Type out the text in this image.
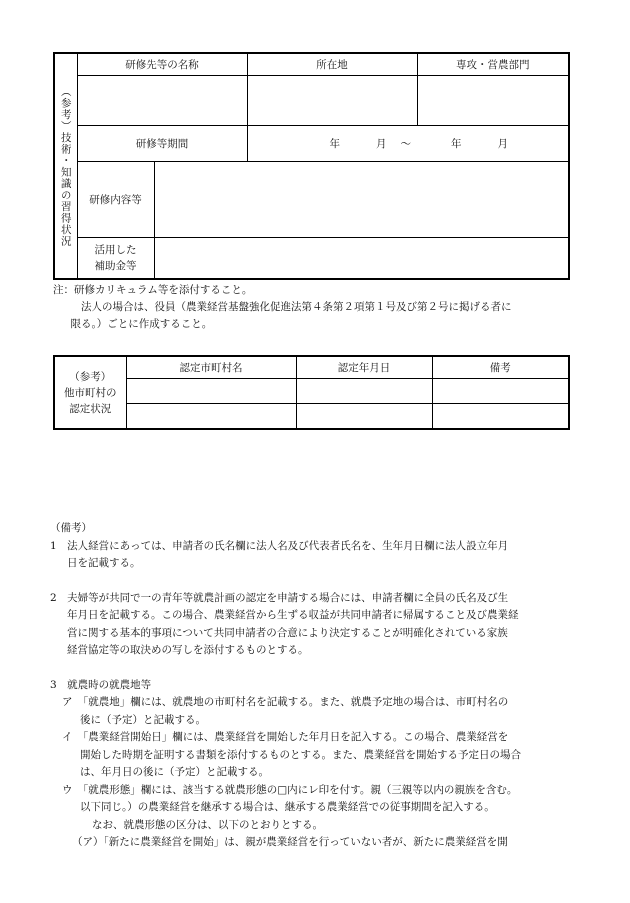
（参考）技術・知識の習得状況	研修先等の名称		所在地	専攻・営農部門

	研修等期間		年 月 ～ 年 月	

	研修内容等			

	活用した
補助金等			

注：研修カリキュラム等を添付すること。

　　法人の場合は、役員（農業経営基盤強化促進法第４条第２項第１号及び第２号に掲げる者に

　限る。）ごとに作成すること。

（参考）
他市町村の
認定状況	認定市町村名	認定年月日	備考

（備考）

1　法人経営にあっては、申請者の氏名欄に法人名及び代表者氏名を、生年月日欄に法人設立年月

日を記載する。

2　夫婦等が共同で一の青年等就農計画の認定を申請する場合には、申請者欄に全員の氏名及び生

年月日を記載する。この場合、農業経営から生ずる収益が共同申請者に帰属すること及び農業経

営に関する基本的事項について共同申請者の合意により決定することが明確化されている家族

経営協定等の取決めの写しを添付するものとする。

3　就農時の就農地等

ア　「就農地」欄には、就農地の市町村名を記載する。また、就農予定地の場合は、市町村名の

後に（予定）と記載する。

イ　「農業経営開始日」欄には、農業経営を開始した年月日を記入する。この場合、農業経営を

開始した時期を証明する書類を添付するものとする。また、農業経営を開始する予定日の場合

は、年月日の後に（予定）と記載する。

ウ　「就農形態」欄には、該当する就農形態の□内にレ印を付す。親（三親等以内の親族を含む。

以下同じ。）の農業経営を継承する場合は、継承する農業経営での従事期間を記入する。

なお、就農形態の区分は、以下のとおりとする。

（ア）「新たに農業経営を開始」は、親が農業経営を行っていない者が、新たに農業経営を開
